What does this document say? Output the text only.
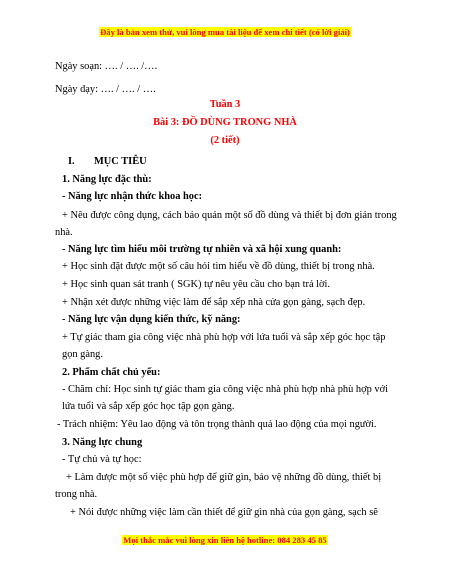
Đây là bản xem thử, vui lòng mua tài liệu để xem chi tiết (có lời giải)
Ngày soạn: …. / …. /….
Ngày dạy: …. / …. / ….
Tuần 3
Bài 3: ĐỒ DÙNG TRONG NHÀ
(2 tiết)
I. MỤC TIÊU
1. Năng lực đặc thù:
- Năng lực nhận thức khoa học:
+ Nêu được công dụng, cách bảo quản một số đồ dùng và thiết bị đơn giản trong
nhà.
- Năng lực tìm hiểu môi trường tự nhiên và xã hội xung quanh:
+ Học sinh đặt được một số câu hỏi tìm hiểu về đồ dùng, thiết bị trong nhà.
+ Học sinh quan sát tranh ( SGK) tự nêu yêu cầu cho bạn trả lời.
+ Nhận xét được những việc làm để sắp xếp nhà cửa gọn gàng, sạch đẹp.
- Năng lực vận dụng kiến thức, kỹ năng:
+ Tự giác tham gia công việc nhà phù hợp với lứa tuổi và sắp xếp góc học tập
gọn gàng.
2. Phẩm chất chủ yếu:
- Chăm chỉ: Học sinh tự giác tham gia công việc nhà phù hợp nhà phù hợp với
lứa tuổi và sắp xếp góc học tập gọn gàng.
- Trách nhiệm: Yêu lao động và tôn trọng thành quả lao động của mọi người.
3. Năng lực chung
- Tự chủ và tự học:
+ Làm được một số việc phù hợp để giữ gìn, bảo vệ những đồ dùng, thiết bị
trong nhà.
+ Nói được những việc làm cần thiết để giữ gìn nhà của gọn gàng, sạch sẽ
Mọi thắc mắc vui lòng xin liên hệ hotline: 084 283 45 85
